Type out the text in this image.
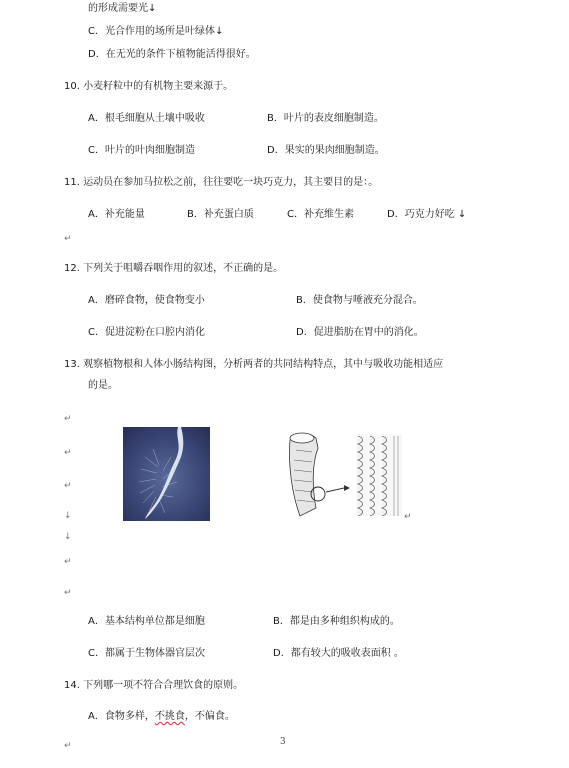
的形成需要光↓
C．光合作用的场所是叶绿体↓
D．在无光的条件下植物能活得很好。
10. 小麦籽粒中的有机物主要来源于。
A．根毛细胞从土壤中吸收	B．叶片的表皮细胞制造。
C．叶片的叶肉细胞制造	D．果实的果肉细胞制造。
11. 运动员在参加马拉松之前，往往要吃一块巧克力，其主要目的是：。
A．补充能量	B．补充蛋白质	C．补充维生素	D．巧克力好吃 ↓
↵
12. 下列关于咀嚼吞咽作用的叙述，不正确的是。
A．磨碎食物，使食物变小	B．使食物与唾液充分混合。
C．促进淀粉在口腔内消化	D．促进脂肪在胃中的消化。
13. 观察植物根和人体小肠结构图，分析两者的共同结构特点，其中与吸收功能相适应
的是。
↵
↵
↵
↓
↓
↵
↵
↵
A．基本结构单位都是细胞	B．都是由多种组织构成的。
C．都属于生物体器官层次	D．都有较大的吸收表面积 。
14. 下列哪一项不符合合理饮食的原则。
A．食物多样，不挑食，不偏食。
↵	3
